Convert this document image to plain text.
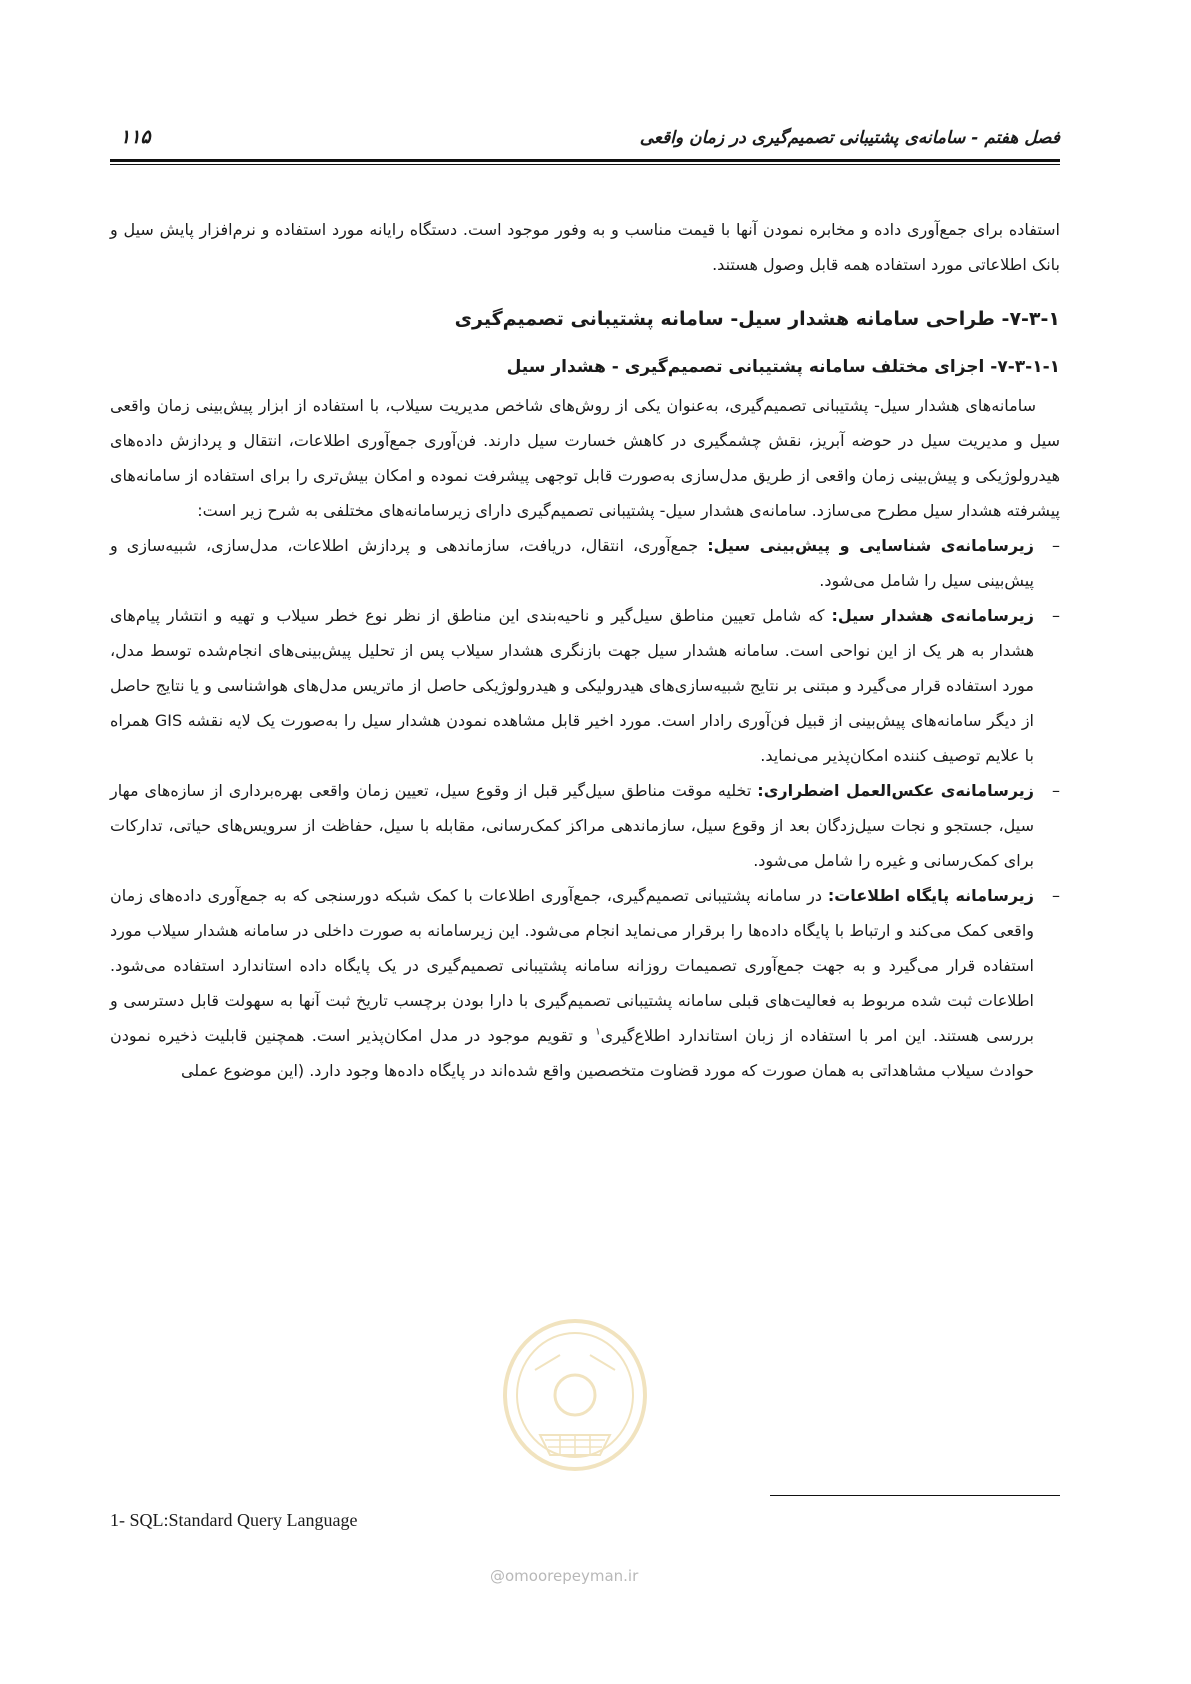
فصل هفتم - سامانه‌ی پشتیبانی تصمیم‌گیری در زمان واقعی
۱۱۵

استفاده برای جمع‌آوری داده و مخابره نمودن آنها با قیمت مناسب و به وفور موجود است. دستگاه رایانه مورد استفاده و نرم‌افزار پایش سیل و بانک اطلاعاتی مورد استفاده همه قابل وصول هستند.

۷-۳-۱- طراحی سامانه هشدار سیل- سامانه پشتیبانی تصمیم‌گیری
۷-۳-۱-۱- اجزای مختلف سامانه پشتیبانی تصمیم‌گیری - هشدار سیل

سامانه‌های هشدار سیل- پشتیبانی تصمیم‌گیری، به‌عنوان یکی از روش‌های شاخص مدیریت سیلاب، با استفاده از ابزار پیش‌بینی زمان واقعی سیل و مدیریت سیل در حوضه آبریز، نقش چشمگیری در کاهش خسارت سیل دارند. فن‌آوری جمع‌آوری اطلاعات، انتقال و پردازش داده‌های هیدرولوژیکی و پیش‌بینی زمان واقعی از طریق مدل‌سازی به‌صورت قابل توجهی پیشرفت نموده و امکان بیش‌تری را برای استفاده از سامانه‌های پیشرفته هشدار سیل مطرح می‌سازد. سامانه‌ی هشدار سیل- پشتیبانی تصمیم‌گیری دارای زیرسامانه‌های مختلفی به شرح زیر است:

–
زیرسامانه‌ی شناسایی و پیش‌بینی سیل: جمع‌آوری، انتقال، دریافت، سازماندهی و پردازش اطلاعات، مدل‌سازی، شبیه‌سازی و پیش‌بینی سیل را شامل می‌شود.
–
زیرسامانه‌ی هشدار سیل: که شامل تعیین مناطق سیل‌گیر و ناحیه‌بندی این مناطق از نظر نوع خطر سیلاب و تهیه و انتشار پیام‌های هشدار به هر یک از این نواحی است. سامانه هشدار سیل جهت بازنگری هشدار سیلاب پس از تحلیل پیش‌بینی‌های انجام‌شده توسط مدل، مورد استفاده قرار می‌گیرد و مبتنی بر نتایج شبیه‌سازی‌های هیدرولیکی و هیدرولوژیکی حاصل از ماتریس مدل‌های هواشناسی و یا نتایج حاصل از دیگر سامانه‌های پیش‌بینی از قبیل فن‌آوری رادار است. مورد اخیر قابل مشاهده نمودن هشدار سیل را به‌صورت یک لایه نقشه GIS همراه با علایم توصیف کننده امکان‌پذیر می‌نماید.
–
زیرسامانه‌ی عکس‌العمل اضطراری: تخلیه موقت مناطق سیل‌گیر قبل از وقوع سیل، تعیین زمان واقعی بهره‌برداری از سازه‌های مهار سیل، جستجو و نجات سیل‌زدگان بعد از وقوع سیل، سازماندهی مراکز کمک‌رسانی، مقابله با سیل، حفاظت از سرویس‌های حیاتی، تدارکات برای کمک‌رسانی و غیره را شامل می‌شود.
–
زیرسامانه پایگاه اطلاعات: در سامانه پشتیبانی تصمیم‌گیری، جمع‌آوری اطلاعات با کمک شبکه دورسنجی که به جمع‌آوری داده‌های زمان واقعی کمک می‌کند و ارتباط با پایگاه داده‌ها را برقرار می‌نماید انجام می‌شود. این زیرسامانه به صورت داخلی در سامانه هشدار سیلاب مورد استفاده قرار می‌گیرد و به جهت جمع‌آوری تصمیمات روزانه سامانه پشتیبانی تصمیم‌گیری در یک پایگاه داده استاندارد استفاده می‌شود. اطلاعات ثبت شده مربوط به فعالیت‌های قبلی سامانه پشتیبانی تصمیم‌گیری با دارا بودن برچسب تاریخ ثبت آنها به سهولت قابل دسترسی و بررسی هستند. این امر با استفاده از زبان استاندارد اطلاع‌گیری$^۱$ و تقویم موجود در مدل امکان‌پذیر است. همچنین قابلیت ذخیره نمودن حوادث سیلاب مشاهداتی به همان صورت که مورد قضاوت متخصصین واقع شده‌اند در پایگاه داده‌ها وجود دارد. (این موضوع عملی
1- SQL:Standard Query Language
@omoorepeyman.ir
